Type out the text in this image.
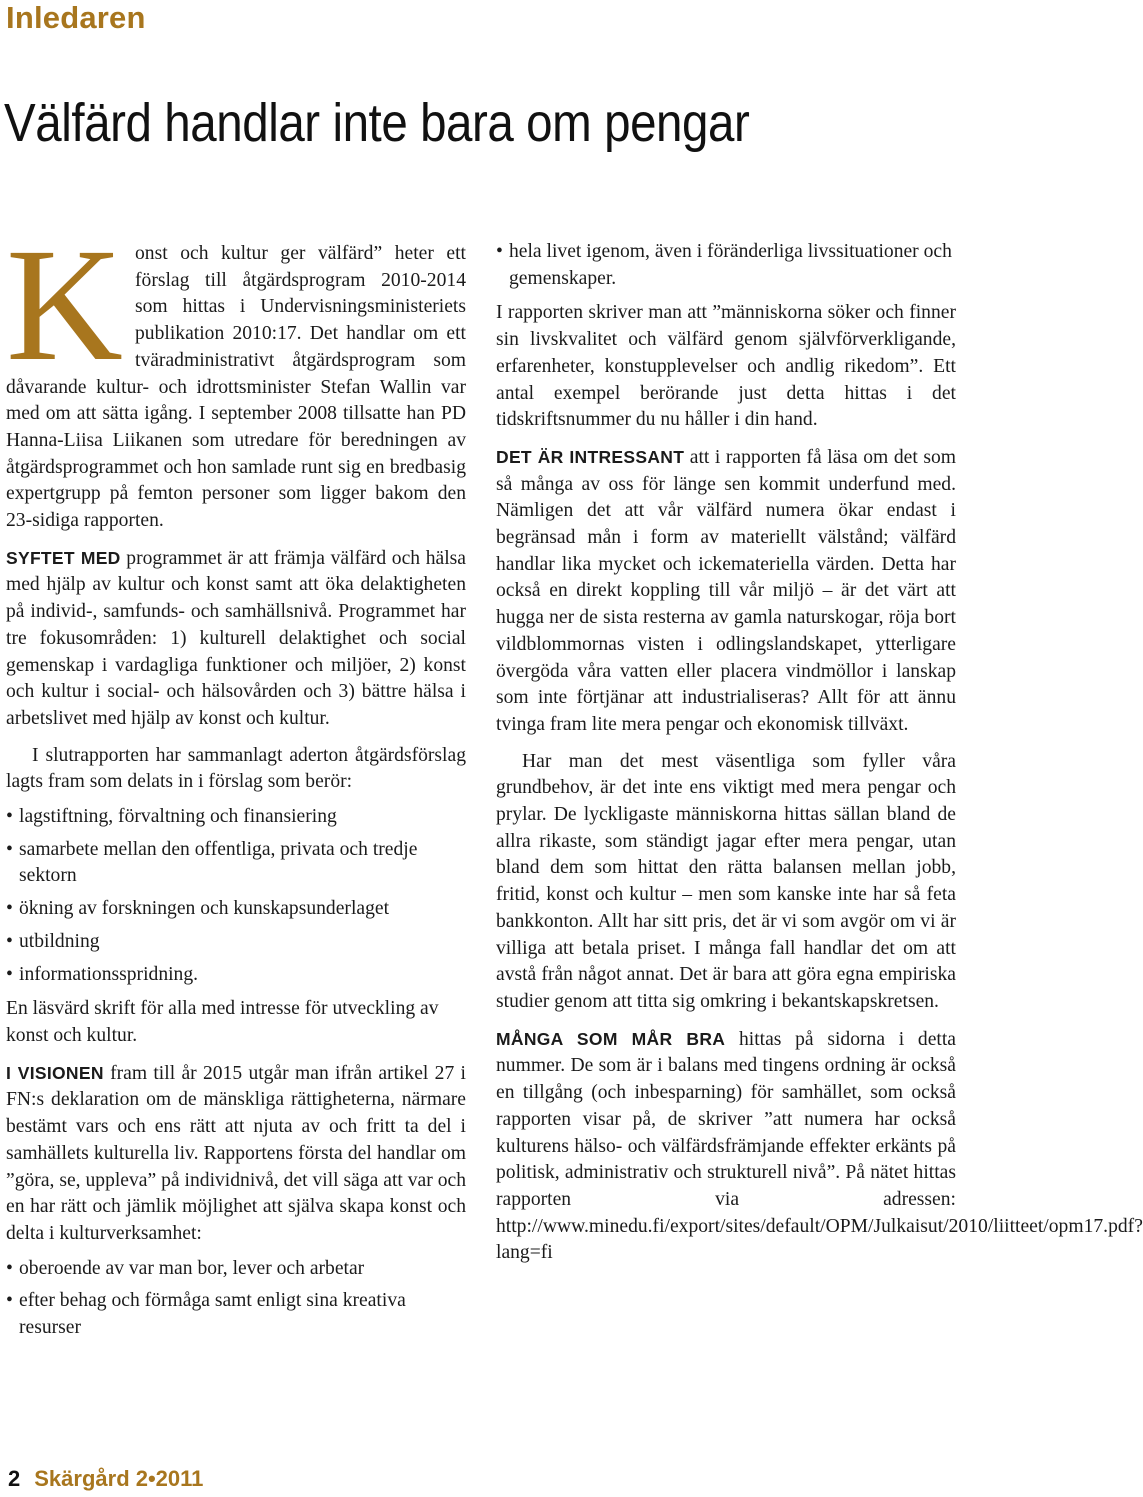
Inledaren
Välfärd handlar inte bara om pengar

Konst och kultur ger välfärd” heter ett förslag till åtgärdsprogram 2010-2014 som hittas i Undervisningsministeriets publikation 2010:17. Det handlar om ett tväradministrativt åtgärdsprogram som dåvarande kultur- och idrottsminister Stefan Wallin var med om att sätta igång. I september 2008 tillsatte han PD Hanna-Liisa Liikanen som utredare för beredningen av åtgärdsprogrammet och hon samlade runt sig en bredbasig expertgrupp på femton personer som ligger bakom den 23-sidiga rapporten.

SYFTET MED programmet är att främja välfärd och hälsa med hjälp av kultur och konst samt att öka delaktigheten på individ-, samfunds- och samhällsnivå. Programmet har tre fokusområden: 1) kulturell delaktighet och social gemenskap i vardagliga funktioner och miljöer, 2) konst och kultur i social- och hälsovården och 3) bättre hälsa i arbetslivet med hjälp av konst och kultur.

I slutrapporten har sammanlagt aderton åtgärdsförslag lagts fram som delats in i förslag som berör:

• lagstiftning, förvaltning och finansiering
• samarbete mellan den offentliga, privata och tredje sektorn
• ökning av forskningen och kunskapsunderlaget
• utbildning
• informationsspridning.

En läsvärd skrift för alla med intresse för utveckling av konst och kultur.

I VISIONEN fram till år 2015 utgår man ifrån artikel 27 i FN:s deklaration om de mänskliga rättigheterna, närmare bestämt vars och ens rätt att njuta av och fritt ta del i samhällets kulturella liv. Rapportens första del handlar om ”göra, se, uppleva” på individnivå, det vill säga att var och en har rätt och jämlik möjlighet att själva skapa konst och delta i kulturverksamhet:

• oberoende av var man bor, lever och arbetar
• efter behag och förmåga samt enligt sina kreativa resurser
• hela livet igenom, även i föränderliga livssituationer och gemenskaper.

I rapporten skriver man att ”människorna söker och finner sin livskvalitet och välfärd genom självförverkligande, erfarenheter, konstupplevelser och andlig rikedom”. Ett antal exempel berörande just detta hittas i det tidskriftsnummer du nu håller i din hand.

DET ÄR INTRESSANT att i rapporten få läsa om det som så många av oss för länge sen kommit underfund med. Nämligen det att vår välfärd numera ökar endast i begränsad mån i form av materiellt välstånd; välfärd handlar lika mycket och ickemateriella värden. Detta har också en direkt koppling till vår miljö – är det värt att hugga ner de sista resterna av gamla naturskogar, röja bort vildblommornas visten i odlingslandskapet, ytterligare övergöda våra vatten eller placera vindmöllor i lanskap som inte förtjänar att industrialiseras? Allt för att ännu tvinga fram lite mera pengar och ekonomisk tillväxt.

Har man det mest väsentliga som fyller våra grundbehov, är det inte ens viktigt med mera pengar och prylar. De lyckligaste människorna hittas sällan bland de allra rikaste, som ständigt jagar efter mera pengar, utan bland dem som hittat den rätta balansen mellan jobb, fritid, konst och kultur – men som kanske inte har så feta bankkonton. Allt har sitt pris, det är vi som avgör om vi är villiga att betala priset. I många fall handlar det om att avstå från något annat. Det är bara att göra egna empiriska studier genom att titta sig omkring i bekantskapskretsen.

MÅNGA SOM MÅR BRA hittas på sidorna i detta nummer. De som är i balans med tingens ordning är också en tillgång (och inbesparning) för samhället, som också rapporten visar på, de skriver ”att numera har också kulturens hälso- och välfärdsfrämjande effekter erkänts på politisk, administrativ och strukturell nivå”. På nätet hittas rapporten via adressen: http://www.minedu.fi/export/sites/default/OPM/Julkaisut/2010/liitteet/opm17.pdf?lang=fi

2 Skärgård 2•2011
